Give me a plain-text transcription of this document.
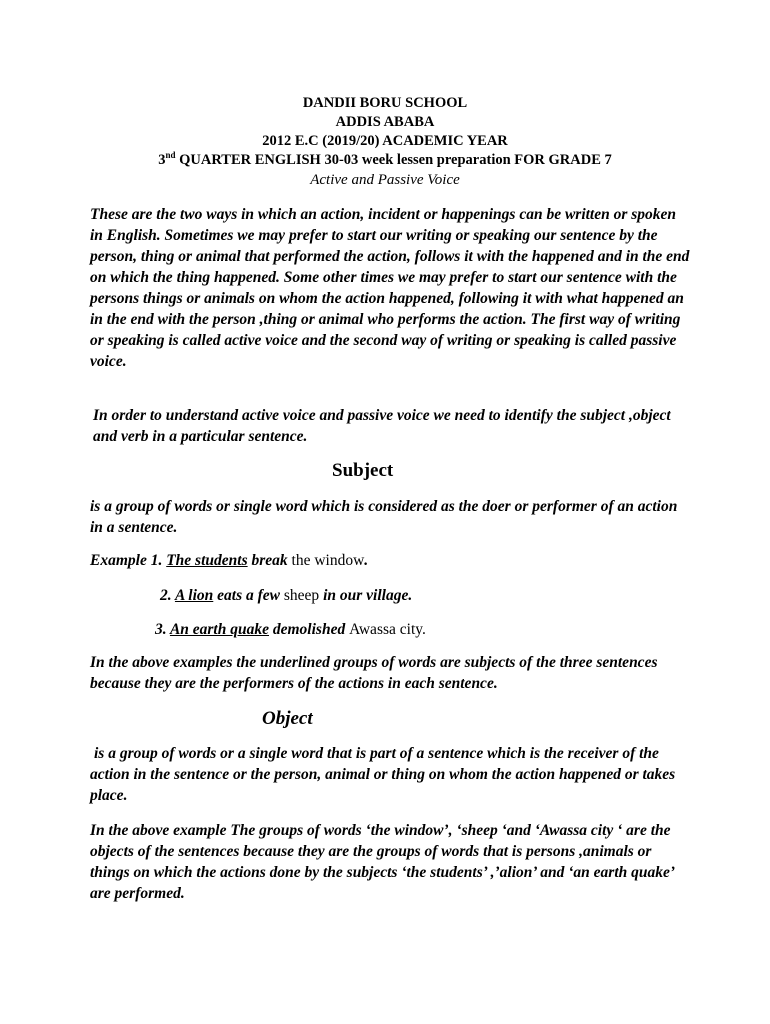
DANDII BORU SCHOOL
ADDIS ABABA
2012 E.C (2019/20) ACADEMIC YEAR
3nd QUARTER ENGLISH 30-03 week lessen preparation FOR GRADE 7
Active and Passive Voice
These are the two ways in which an action, incident or happenings can be written or spoken in English. Sometimes we may prefer to start our writing or speaking our sentence by the person, thing or animal that performed the action, follows it with the happened and in the end on which the thing happened. Some other times we may prefer to start our sentence with the persons things or animals on whom the action happened, following it with what happened an in the end with the person ,thing or animal who performs the action. The first way of writing or speaking is called active voice and the second way of writing or speaking is called passive voice.
In order to understand active voice and passive voice we need to identify the subject ,object and verb in a particular sentence.
Subject
is a group of words or single word which is considered as the doer or performer of an action in a sentence.
Example 1. The students break the window.
2. A lion eats a few sheep in our village.
3. An earth quake demolished Awassa city.
In the above examples the underlined groups of words are subjects of the three sentences because they are the performers of the actions in each sentence.
Object
is a group of words or a single word that is part of a sentence which is the receiver of the action in the sentence or the person, animal or thing on whom the action happened or takes place.
In the above example The groups of words ‘the window’, ‘sheep ‘and ‘Awassa city ‘ are the objects of the sentences because they are the groups of words that is persons ,animals or things on which the actions done by the subjects ‘the students’ ,’alion’ and ‘an earth quake’ are performed.
